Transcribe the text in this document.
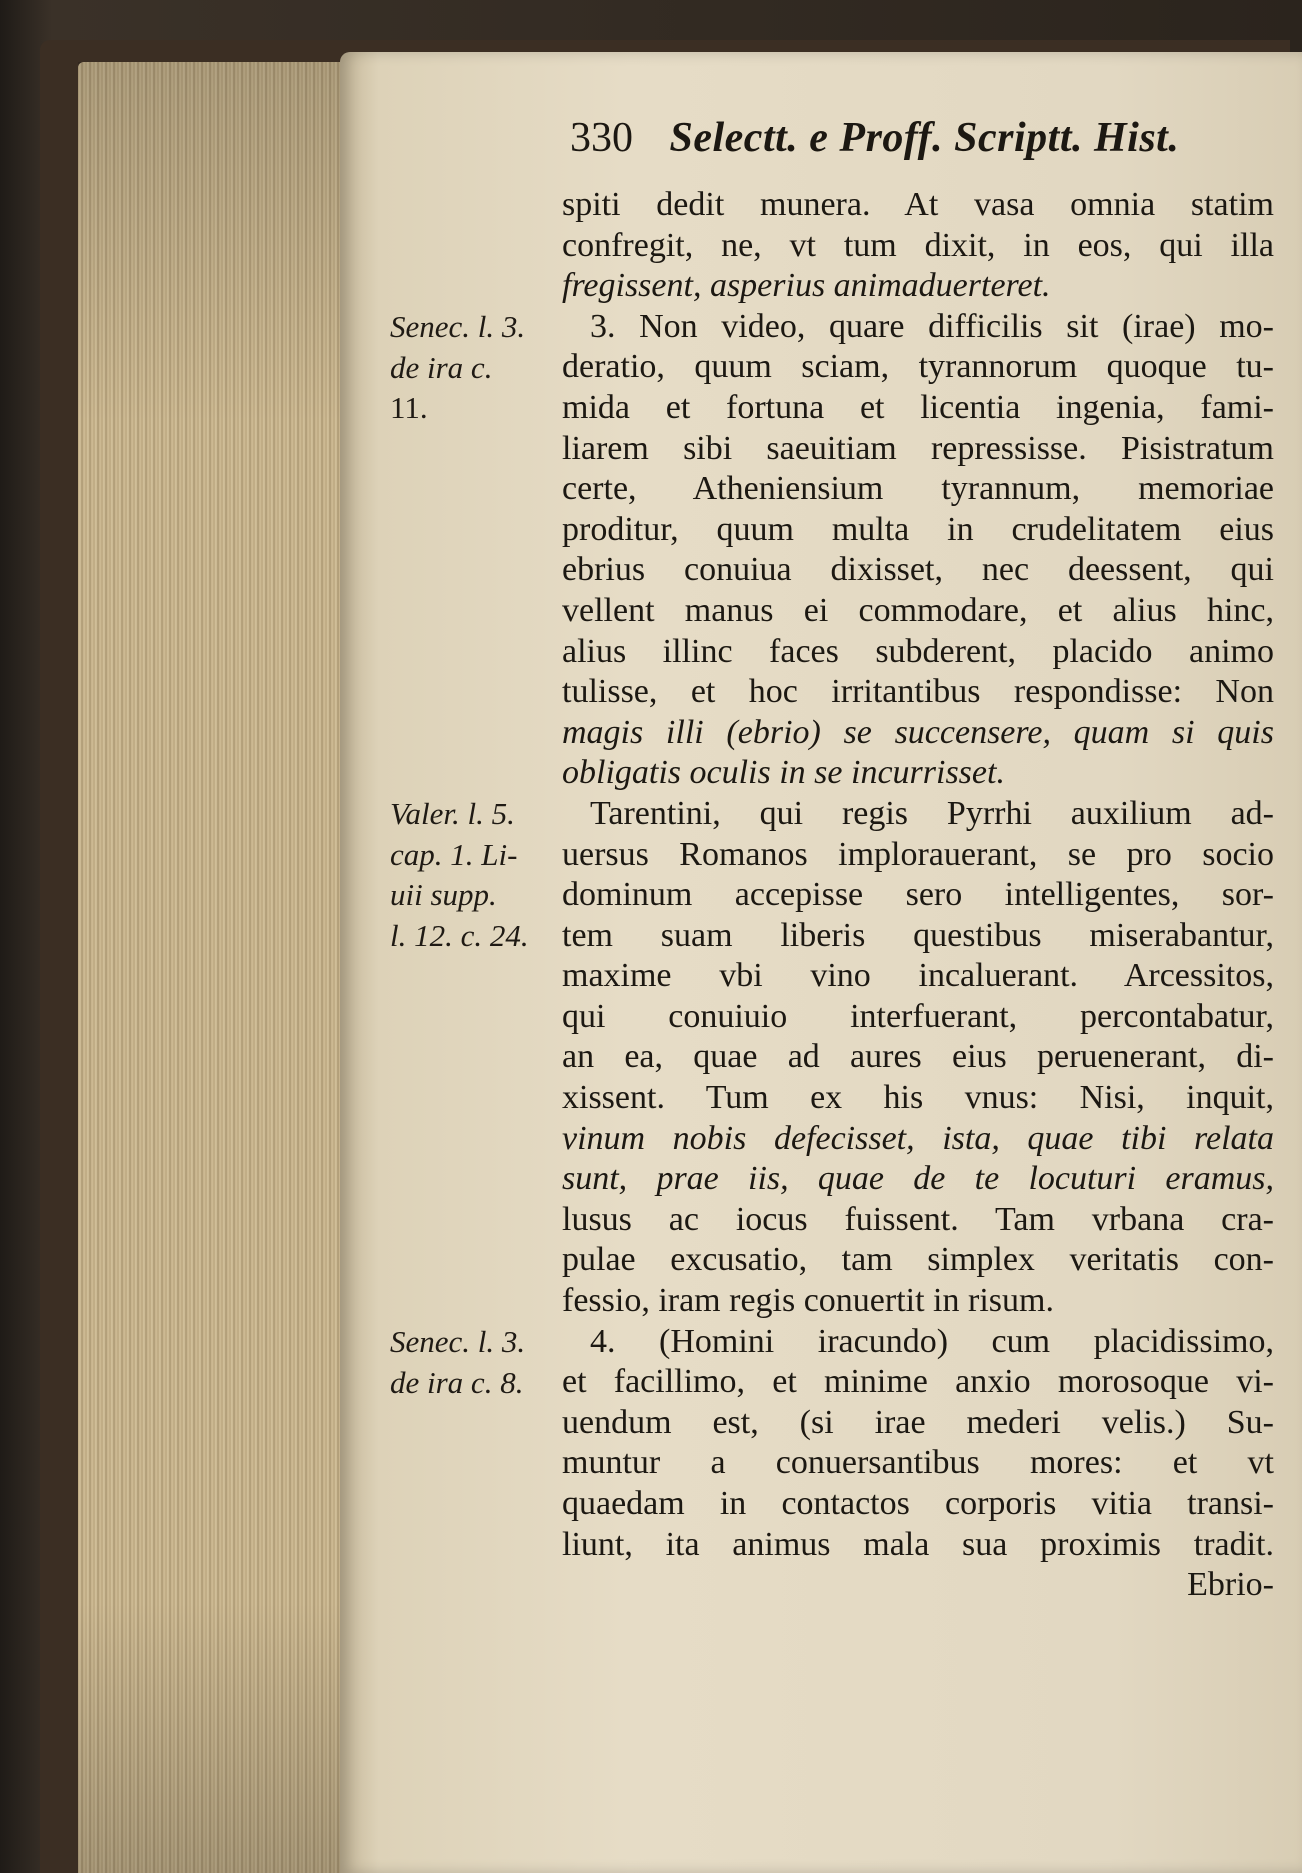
330 Selectt. e Proff. Scriptt. Hist.
Senec. l. 3.
de ira c.
11.
Valer. l. 5.
cap. 1. Li-
uii supp.
l. 12. c. 24.
Senec. l. 3.
de ira c. 8.
spiti dedit munera. At vasa omnia statim
confregit, ne, vt tum dixit, in eos, qui illa
fregissent, asperius animaduerteret.
3. Non video, quare difficilis sit (irae) mo-
deratio, quum sciam, tyrannorum quoque tu-
mida et fortuna et licentia ingenia, fami-
liarem sibi saeuitiam repressisse. Pisistratum
certe, Atheniensium tyrannum, memoriae
proditur, quum multa in crudelitatem eius
ebrius conuiua dixisset, nec deessent, qui
vellent manus ei commodare, et alius hinc,
alius illinc faces subderent, placido animo
tulisse, et hoc irritantibus respondisse: Non
magis illi (ebrio) se succensere, quam si quis
obligatis oculis in se incurrisset.
Tarentini, qui regis Pyrrhi auxilium ad-
uersus Romanos implorauerant, se pro socio
dominum accepisse sero intelligentes, sor-
tem suam liberis questibus miserabantur,
maxime vbi vino incaluerant. Arcessitos,
qui conuiuio interfuerant, percontabatur,
an ea, quae ad aures eius peruenerant, di-
xissent. Tum ex his vnus: Nisi, inquit,
vinum nobis defecisset, ista, quae tibi relata
sunt, prae iis, quae de te locuturi eramus,
lusus ac iocus fuissent. Tam vrbana cra-
pulae excusatio, tam simplex veritatis con-
fessio, iram regis conuertit in risum.
4. (Homini iracundo) cum placidissimo,
et facillimo, et minime anxio morosoque vi-
uendum est, (si irae mederi velis.) Su-
muntur a conuersantibus mores: et vt
quaedam in contactos corporis vitia transi-
liunt, ita animus mala sua proximis tradit.
Ebrio-
